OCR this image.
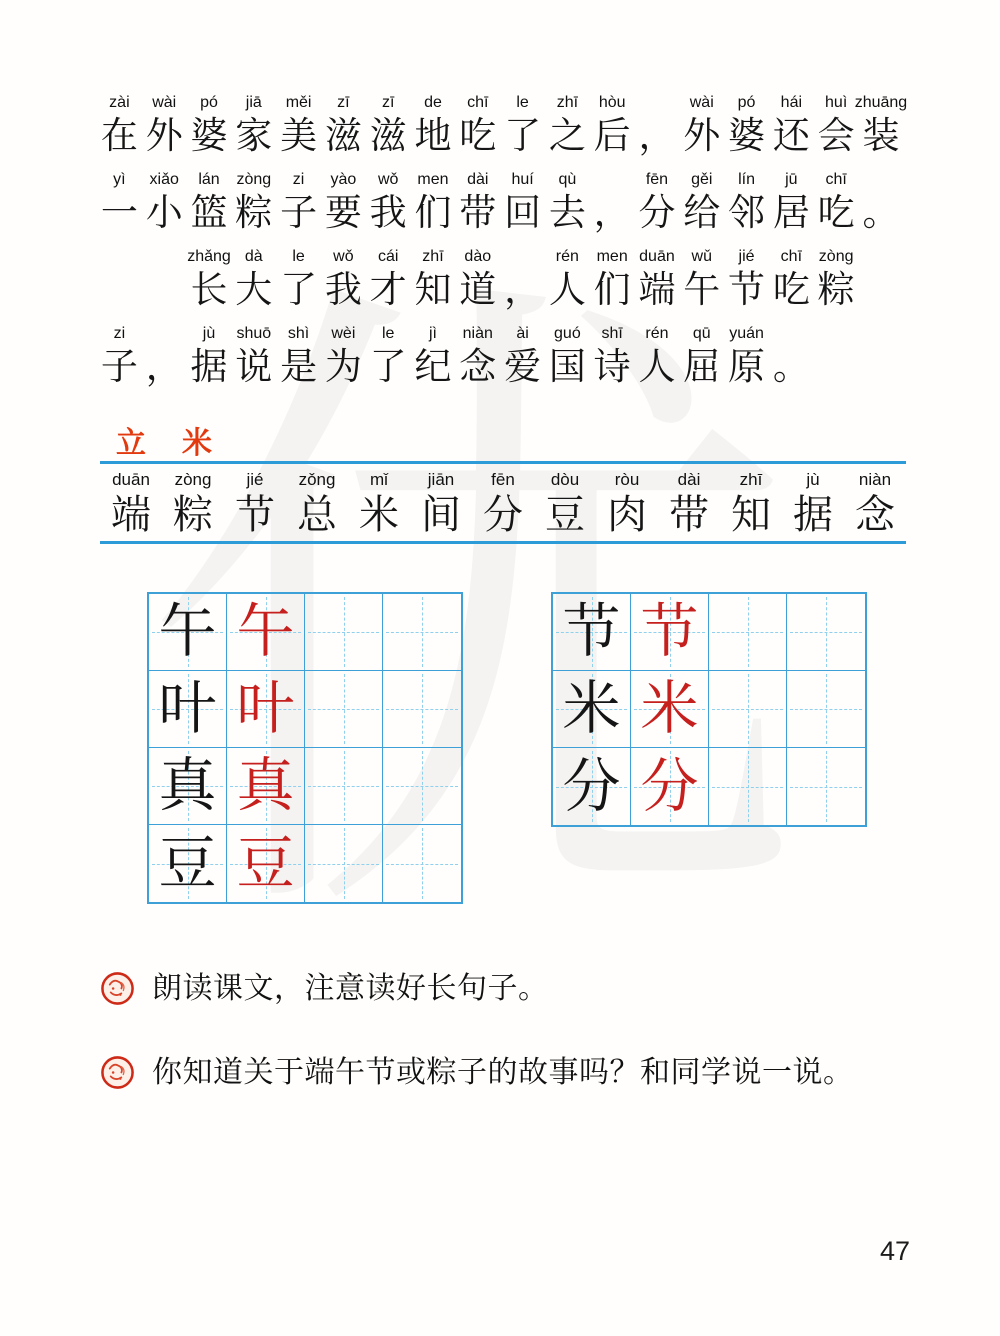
zài
在
wài
外
pó
婆
jiā
家
měi
美
zī
滋
zī
滋
de
地
chī
吃
le
了
zhī
之
hòu
后 ，
wài
外
pó
婆
hái
还
huì
会
zhuāng
装
yì
一
xiǎo
小
lán
篮
zòng
粽
zi
子
yào
要
wǒ
我
men
们
dài
带
huí
回
qù
去 ，
fēn
分
gěi
给
lín
邻
jū
居
chī
吃 。

zhǎng
长
dà
大
le
了
wǒ
我
cái
才
zhī
知
dào
道 ，
rén
人
men
们
duān
端
wǔ
午
jié
节
chī
吃
zòng
粽
zi
子 ，
jù
据
shuō
说
shì
是
wèi
为
le
了
jì
纪
niàn
念
ài
爱
guó
国
shī
诗
rén
人
qū
屈
yuán
原 。
立 米
duān
端
zòng
粽
jié
节
zǒng
总
mǐ
米
jiān
间
fēn
分
dòu
豆
ròu
肉
dài
带
zhī
知
jù
据
niàn
念
午 午
叶 叶
真 真
豆 豆
节 节
米 米
分 分
朗读课文，注意读好长句子。
你知道关于端午节或粽子的故事吗？和同学说一说。
47
